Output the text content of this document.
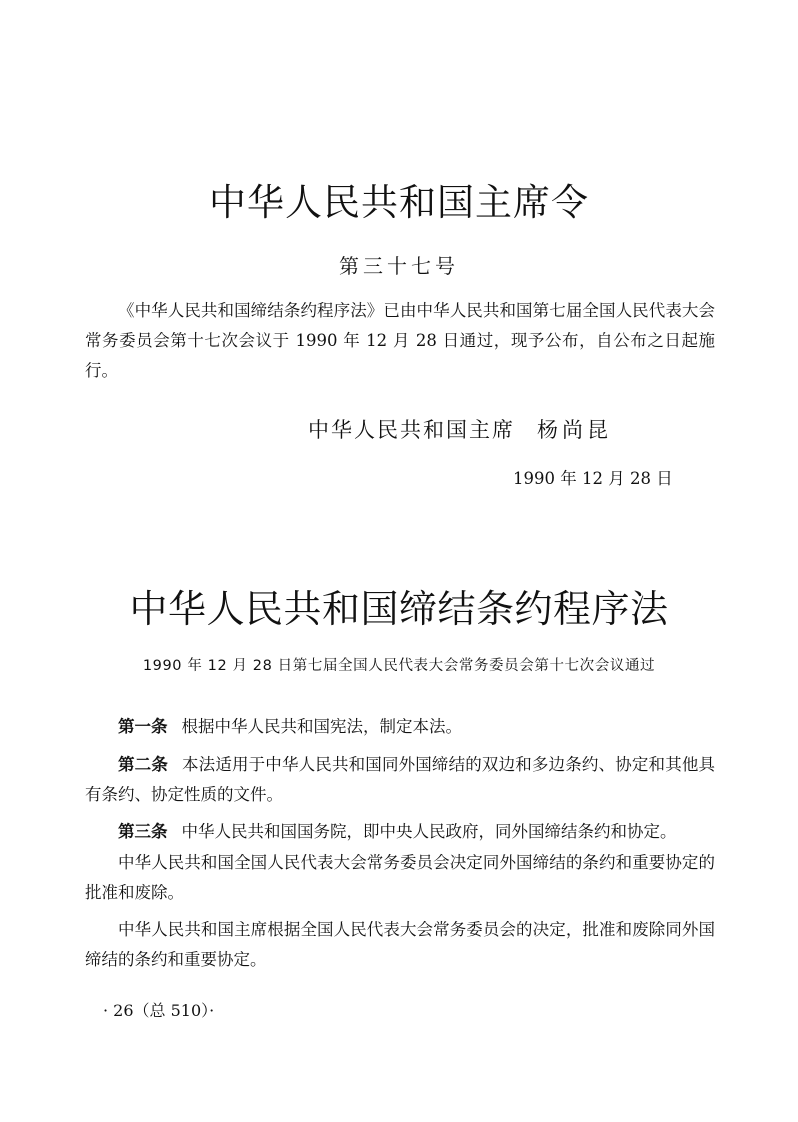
中华人民共和国主席令
第三十七号

《中华人民共和国缔结条约程序法》已由中华人民共和国第七届全国人民代表大会常务委员会第十七次会议于 1990 年 12 月 28 日通过，现予公布，自公布之日起施行。

中华人民共和国主席 杨尚昆
1990 年 12 月 28 日
中华人民共和国缔结条约程序法
1990 年 12 月 28 日第七届全国人民代表大会常务委员会第十七次会议通过

第一条 根据中华人民共和国宪法，制定本法。

第二条 本法适用于中华人民共和国同外国缔结的双边和多边条约、协定和其他具有条约、协定性质的文件。

第三条 中华人民共和国国务院，即中央人民政府，同外国缔结条约和协定。

中华人民共和国全国人民代表大会常务委员会决定同外国缔结的条约和重要协定的批准和废除。

中华人民共和国主席根据全国人民代表大会常务委员会的决定，批准和废除同外国缔结的条约和重要协定。

· 26（总 510）·
